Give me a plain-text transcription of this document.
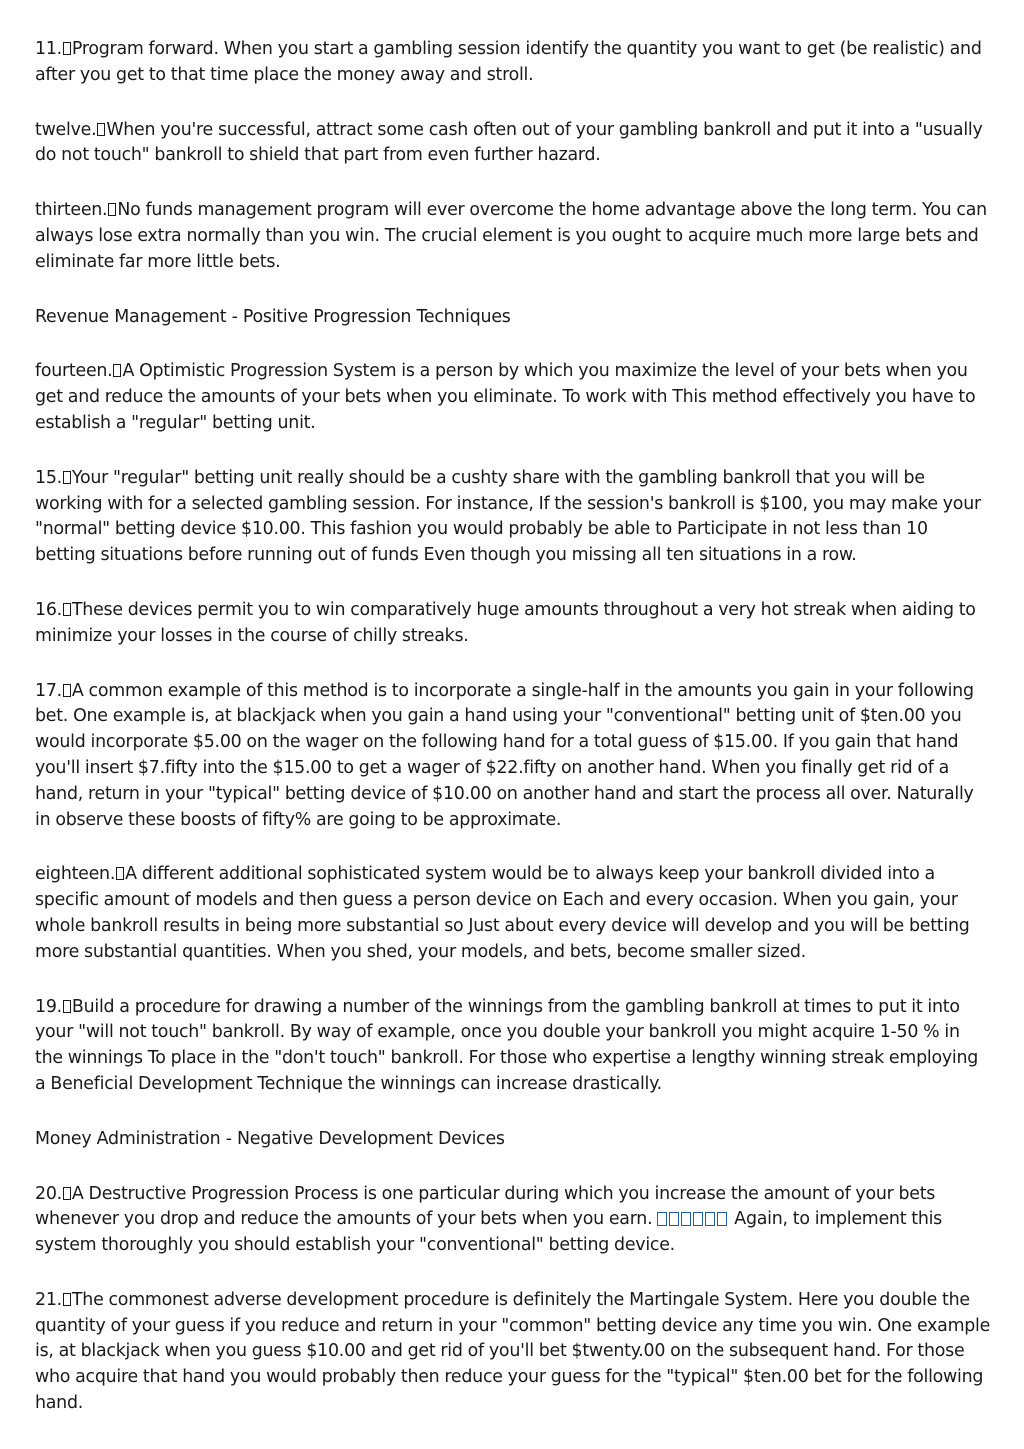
11. Program forward. When you start a gambling session identify the quantity you want to get (be realistic) and after you get to that time place the money away and stroll.

twelve. When you're successful, attract some cash often out of your gambling bankroll and put it into a "usually do not touch" bankroll to shield that part from even further hazard.

thirteen. No funds management program will ever overcome the home advantage above the long term. You can always lose extra normally than you win. The crucial element is you ought to acquire much more large bets and eliminate far more little bets.

Revenue Management - Positive Progression Techniques

fourteen. A Optimistic Progression System is a person by which you maximize the level of your bets when you get and reduce the amounts of your bets when you eliminate. To work with This method effectively you have to establish a "regular" betting unit.

15. Your "regular" betting unit really should be a cushty share with the gambling bankroll that you will be working with for a selected gambling session. For instance, If the session's bankroll is $100, you may make your "normal" betting device $10.00. This fashion you would probably be able to Participate in not less than 10 betting situations before running out of funds Even though you missing all ten situations in a row.

16. These devices permit you to win comparatively huge amounts throughout a very hot streak when aiding to minimize your losses in the course of chilly streaks.

17. A common example of this method is to incorporate a single-half in the amounts you gain in your following bet. One example is, at blackjack when you gain a hand using your "conventional" betting unit of $ten.00 you would incorporate $5.00 on the wager on the following hand for a total guess of $15.00. If you gain that hand you'll insert $7.fifty into the $15.00 to get a wager of $22.fifty on another hand. When you finally get rid of a hand, return in your "typical" betting device of $10.00 on another hand and start the process all over. Naturally in observe these boosts of fifty% are going to be approximate.

eighteen. A different additional sophisticated system would be to always keep your bankroll divided into a specific amount of models and then guess a person device on Each and every occasion. When you gain, your whole bankroll results in being more substantial so Just about every device will develop and you will be betting more substantial quantities. When you shed, your models, and bets, become smaller sized.

19. Build a procedure for drawing a number of the winnings from the gambling bankroll at times to put it into your "will not touch" bankroll. By way of example, once you double your bankroll you might acquire 1-50 % in the winnings To place in the "don't touch" bankroll. For those who expertise a lengthy winning streak employing a Beneficial Development Technique the winnings can increase drastically.

Money Administration - Negative Development Devices

20. A Destructive Progression Process is one particular during which you increase the amount of your bets whenever you drop and reduce the amounts of your bets when you earn.	Again, to implement this system thoroughly you should establish your "conventional" betting device.

21. The commonest adverse development procedure is definitely the Martingale System. Here you double the quantity of your guess if you reduce and return in your "common" betting device any time you win. One example is, at blackjack when you guess $10.00 and get rid of you'll bet $twenty.00 on the subsequent hand. For those who acquire that hand you would probably then reduce your guess for the "typical" $ten.00 bet for the following hand.
